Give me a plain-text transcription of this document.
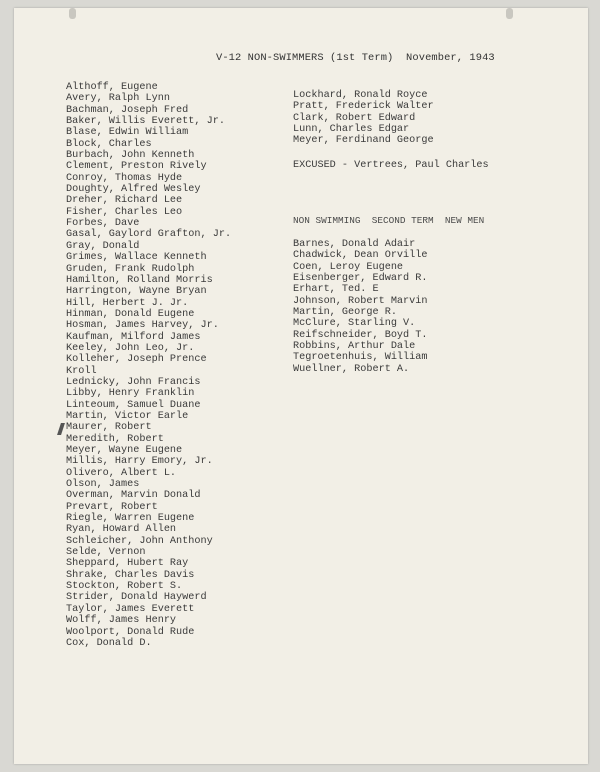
V-12 NON-SWIMMERS (1st Term)  November, 1943
Althoff, Eugene
Avery, Ralph Lynn
Bachman, Joseph Fred
Baker, Willis Everett, Jr.
Blase, Edwin William
Block, Charles
Burbach, John Kenneth
Clement, Preston Rively
Conroy, Thomas Hyde
Doughty, Alfred Wesley
Dreher, Richard Lee
Fisher, Charles Leo
Forbes, Dave
Gasal, Gaylord Grafton, Jr.
Gray, Donald
Grimes, Wallace Kenneth
Gruden, Frank Rudolph
Hamilton, Rolland Morris
Harrington, Wayne Bryan
Hill, Herbert J. Jr.
Hinman, Donald Eugene
Hosman, James Harvey, Jr.
Kaufman, Milford James
Keeley, John Leo, Jr.
Kolleher, Joseph Prence
Kroll
Lednicky, John Francis
Libby, Henry Franklin
Linteoum, Samuel Duane
Martin, Victor Earle
Maurer, Robert
Meredith, Robert
Meyer, Wayne Eugene
Millis, Harry Emory, Jr.
Olivero, Albert L.
Olson, James
Overman, Marvin Donald
Prevart, Robert
Riegle, Warren Eugene
Ryan, Howard Allen
Schleicher, John Anthony
Selde, Vernon
Sheppard, Hubert Ray
Shrake, Charles Davis
Stockton, Robert S.
Strider, Donald Haywerd
Taylor, James Everett
Wolff, James Henry
Woolport, Donald Rude
Cox, Donald D.
Lockhard, Ronald Royce
Pratt, Frederick Walter
Clark, Robert Edward
Lunn, Charles Edgar
Meyer, Ferdinand George
EXCUSED - Vertrees, Paul Charles
NON SWIMMING  SECOND TERM  NEW MEN
Barnes, Donald Adair
Chadwick, Dean Orville
Coen, Leroy Eugene
Eisenberger, Edward R.
Erhart, Ted. E
Johnson, Robert Marvin
Martin, George R.
McClure, Starling V.
Reifschneider, Boyd T.
Robbins, Arthur Dale
Tegroetenhuis, William
Wuellner, Robert A.
